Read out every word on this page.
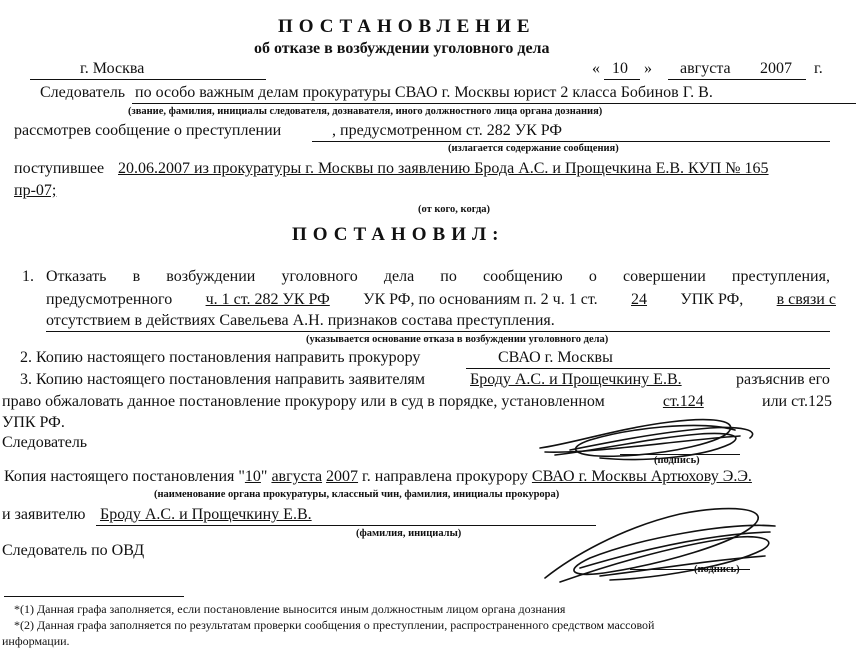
ПОСТАНОВЛЕНИЕ
об отказе в возбуждении уголовного дела
г. Москва	« 10 » августа 2007 г.
Следователь по особо важным делам прокуратуры СВАО г. Москвы юрист 2 класса Бобинов Г. В.
(звание, фамилия, инициалы следователя, дознавателя, иного должностного лица органа дознания)
рассмотрев сообщение о преступлении	, предусмотренном ст. 282 УК РФ
(излагается содержание сообщения)
поступившее 20.06.2007 из прокуратуры г. Москвы по заявлению Брода А.С. и Прощечкина Е.В. КУП № 165
пр-07;
(от кого, когда)
ПОСТАНОВИЛ:
1. Отказать в возбуждении уголовного дела по сообщению о совершении преступления,
предусмотренного ч. 1 ст. 282 УК РФ УК РФ, по основаниям п. 2 ч. 1 ст. 24 УПК РФ, в связи с
отсутствием в действиях Савельева А.Н. признаков состава преступления.
(указывается основание отказа в возбуждении уголовного дела)
2. Копию настоящего постановления направить прокурору	СВАО г. Москвы
3. Копию настоящего постановления направить заявителям	Броду А.С. и Прощечкину Е.В.	разъяснив его
право обжаловать данное постановление прокурору или в суд в порядке, установленном	ст.124	или ст.125
УПК РФ.
Следователь
(подпись)
Копия настоящего постановления "10" августа 2007 г. направлена прокурору СВАО г. Москвы Артюхову Э.Э.
(наименование органа прокуратуры, классный чин, фамилия, инициалы прокурора)
и заявителю Броду А.С. и Прощечкину Е.В.
(фамилия, инициалы)
Следователь по ОВД
(подпись)
*(1) Данная графа заполняется, если постановление выносится иным должностным лицом органа дознания
*(2) Данная графа заполняется по результатам проверки сообщения о преступлении, распространенного средством массовой
информации.
